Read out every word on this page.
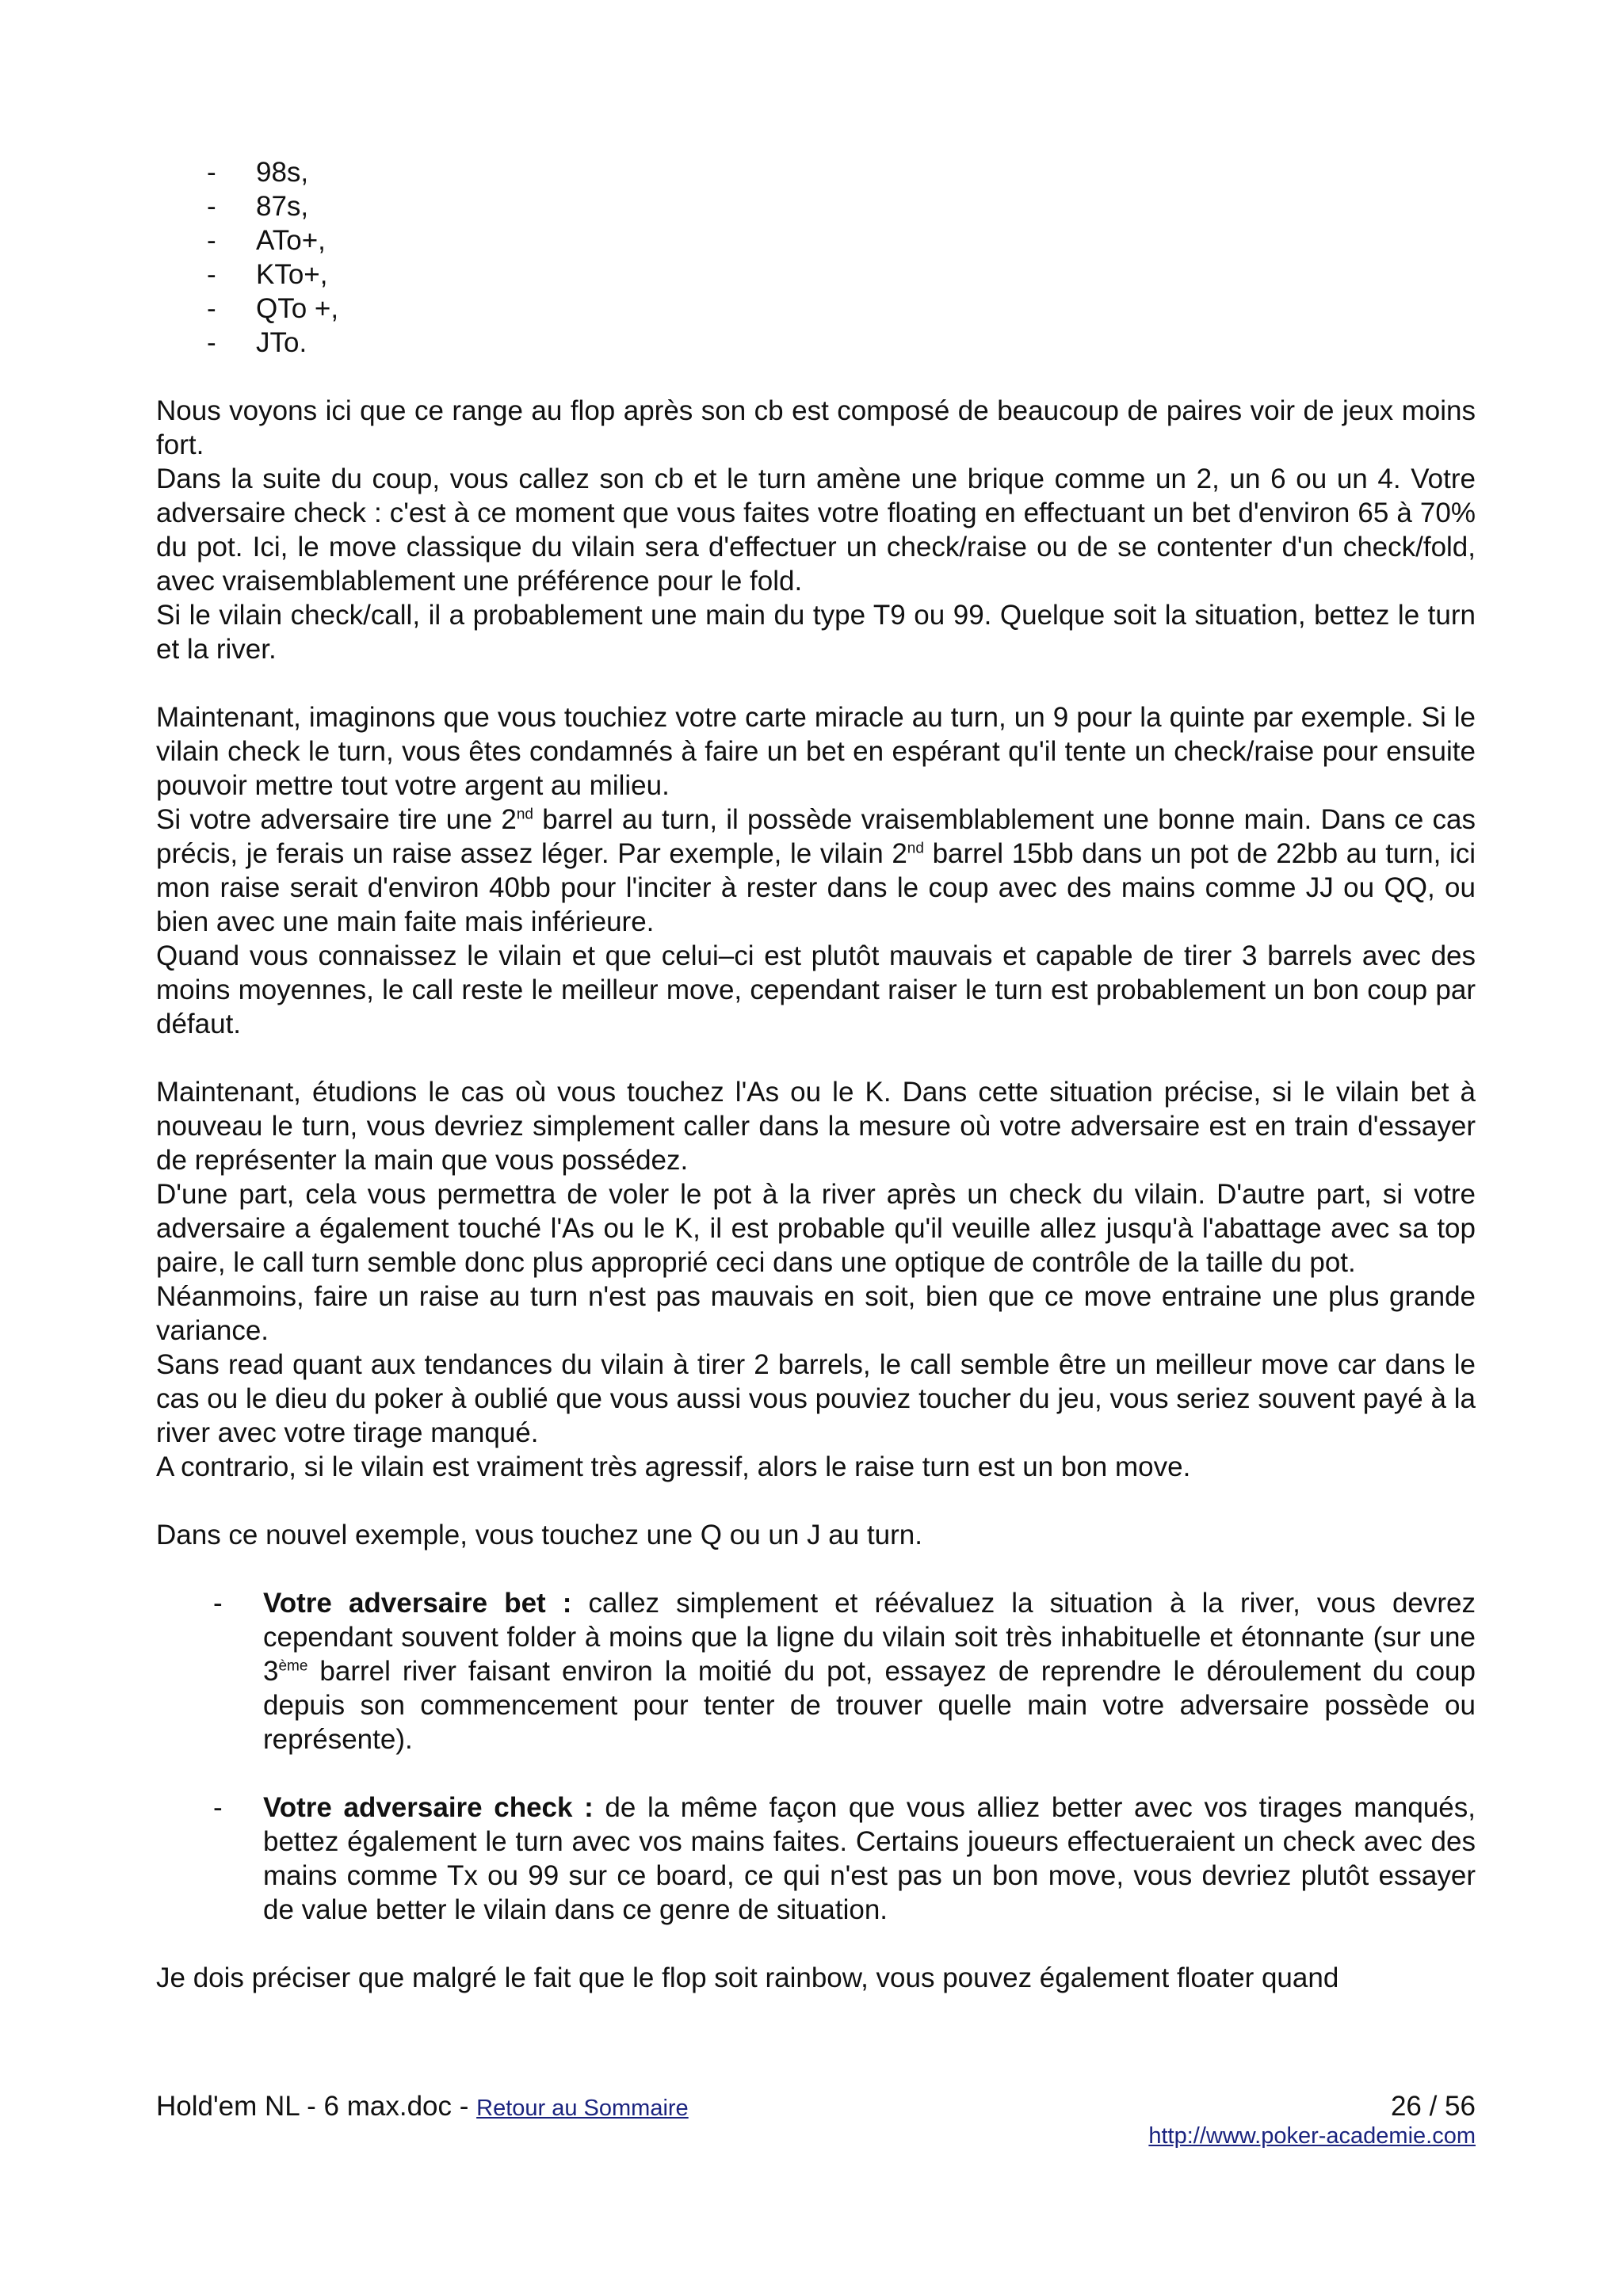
- 98s,
- 87s,
- ATo+,
- KTo+,
- QTo +,
- JTo.

Nous voyons ici que ce range au flop après son cb est composé de beaucoup de paires voir de jeux moins fort.

Dans la suite du coup, vous callez son cb et le turn amène une brique comme un 2, un 6 ou un 4. Votre adversaire check : c'est à ce moment que vous faites votre floating en effectuant un bet d'environ 65 à 70% du pot. Ici, le move classique du vilain sera d'effectuer un check/raise ou de se contenter d'un check/fold, avec vraisemblablement une préférence pour le fold.

Si le vilain check/call, il a probablement une main du type T9 ou 99. Quelque soit la situation, bettez le turn et la river.

Maintenant, imaginons que vous touchiez votre carte miracle au turn, un 9 pour la quinte par exemple. Si le vilain check le turn, vous êtes condamnés à faire un bet en espérant qu'il tente un check/raise pour ensuite pouvoir mettre tout votre argent au milieu.

Si votre adversaire tire une 2nd barrel au turn, il possède vraisemblablement une bonne main. Dans ce cas précis, je ferais un raise assez léger. Par exemple, le vilain 2nd barrel 15bb dans un pot de 22bb au turn, ici mon raise serait d'environ 40bb pour l'inciter à rester dans le coup avec des mains comme JJ ou QQ, ou bien avec une main faite mais inférieure.

Quand vous connaissez le vilain et que celui–ci est plutôt mauvais et capable de tirer 3 barrels avec des moins moyennes, le call reste le meilleur move, cependant raiser le turn est probablement un bon coup par défaut.

Maintenant, étudions le cas où vous touchez l'As ou le K. Dans cette situation précise, si le vilain bet à nouveau le turn, vous devriez simplement caller dans la mesure où votre adversaire est en train d'essayer de représenter la main que vous possédez.

D'une part, cela vous permettra de voler le pot à la river après un check du vilain. D'autre part, si votre adversaire a également touché l'As ou le K, il est probable qu'il veuille allez jusqu'à l'abattage avec sa top paire, le call turn semble donc plus approprié ceci dans une optique de contrôle de la taille du pot.

Néanmoins, faire un raise au turn n'est pas mauvais en soit, bien que ce move entraine une plus grande variance.

Sans read quant aux tendances du vilain à tirer 2 barrels, le call semble être un meilleur move car dans le cas ou le dieu du poker à oublié que vous aussi vous pouviez toucher du jeu, vous seriez souvent payé à la river avec votre tirage manqué.

A contrario, si le vilain est vraiment très agressif, alors le raise turn est un bon move.

Dans ce nouvel exemple, vous touchez une Q ou un J au turn.

- Votre adversaire bet : callez simplement et réévaluez la situation à la river, vous devrez cependant souvent folder à moins que la ligne du vilain soit très inhabituelle et étonnante (sur une 3ème barrel river faisant environ la moitié du pot, essayez de reprendre le déroulement du coup depuis son commencement pour tenter de trouver quelle main votre adversaire possède ou représente).
- Votre adversaire check : de la même façon que vous alliez better avec vos tirages manqués, bettez également le turn avec vos mains faites. Certains joueurs effectueraient un check avec des mains comme Tx ou 99 sur ce board, ce qui n'est pas un bon move, vous devriez plutôt essayer de value better le vilain dans ce genre de situation.

Je dois préciser que malgré le fait que le flop soit rainbow, vous pouvez également floater quand

Hold'em NL - 6 max.doc - Retour au Sommaire	26 / 56
http://www.poker-academie.com
